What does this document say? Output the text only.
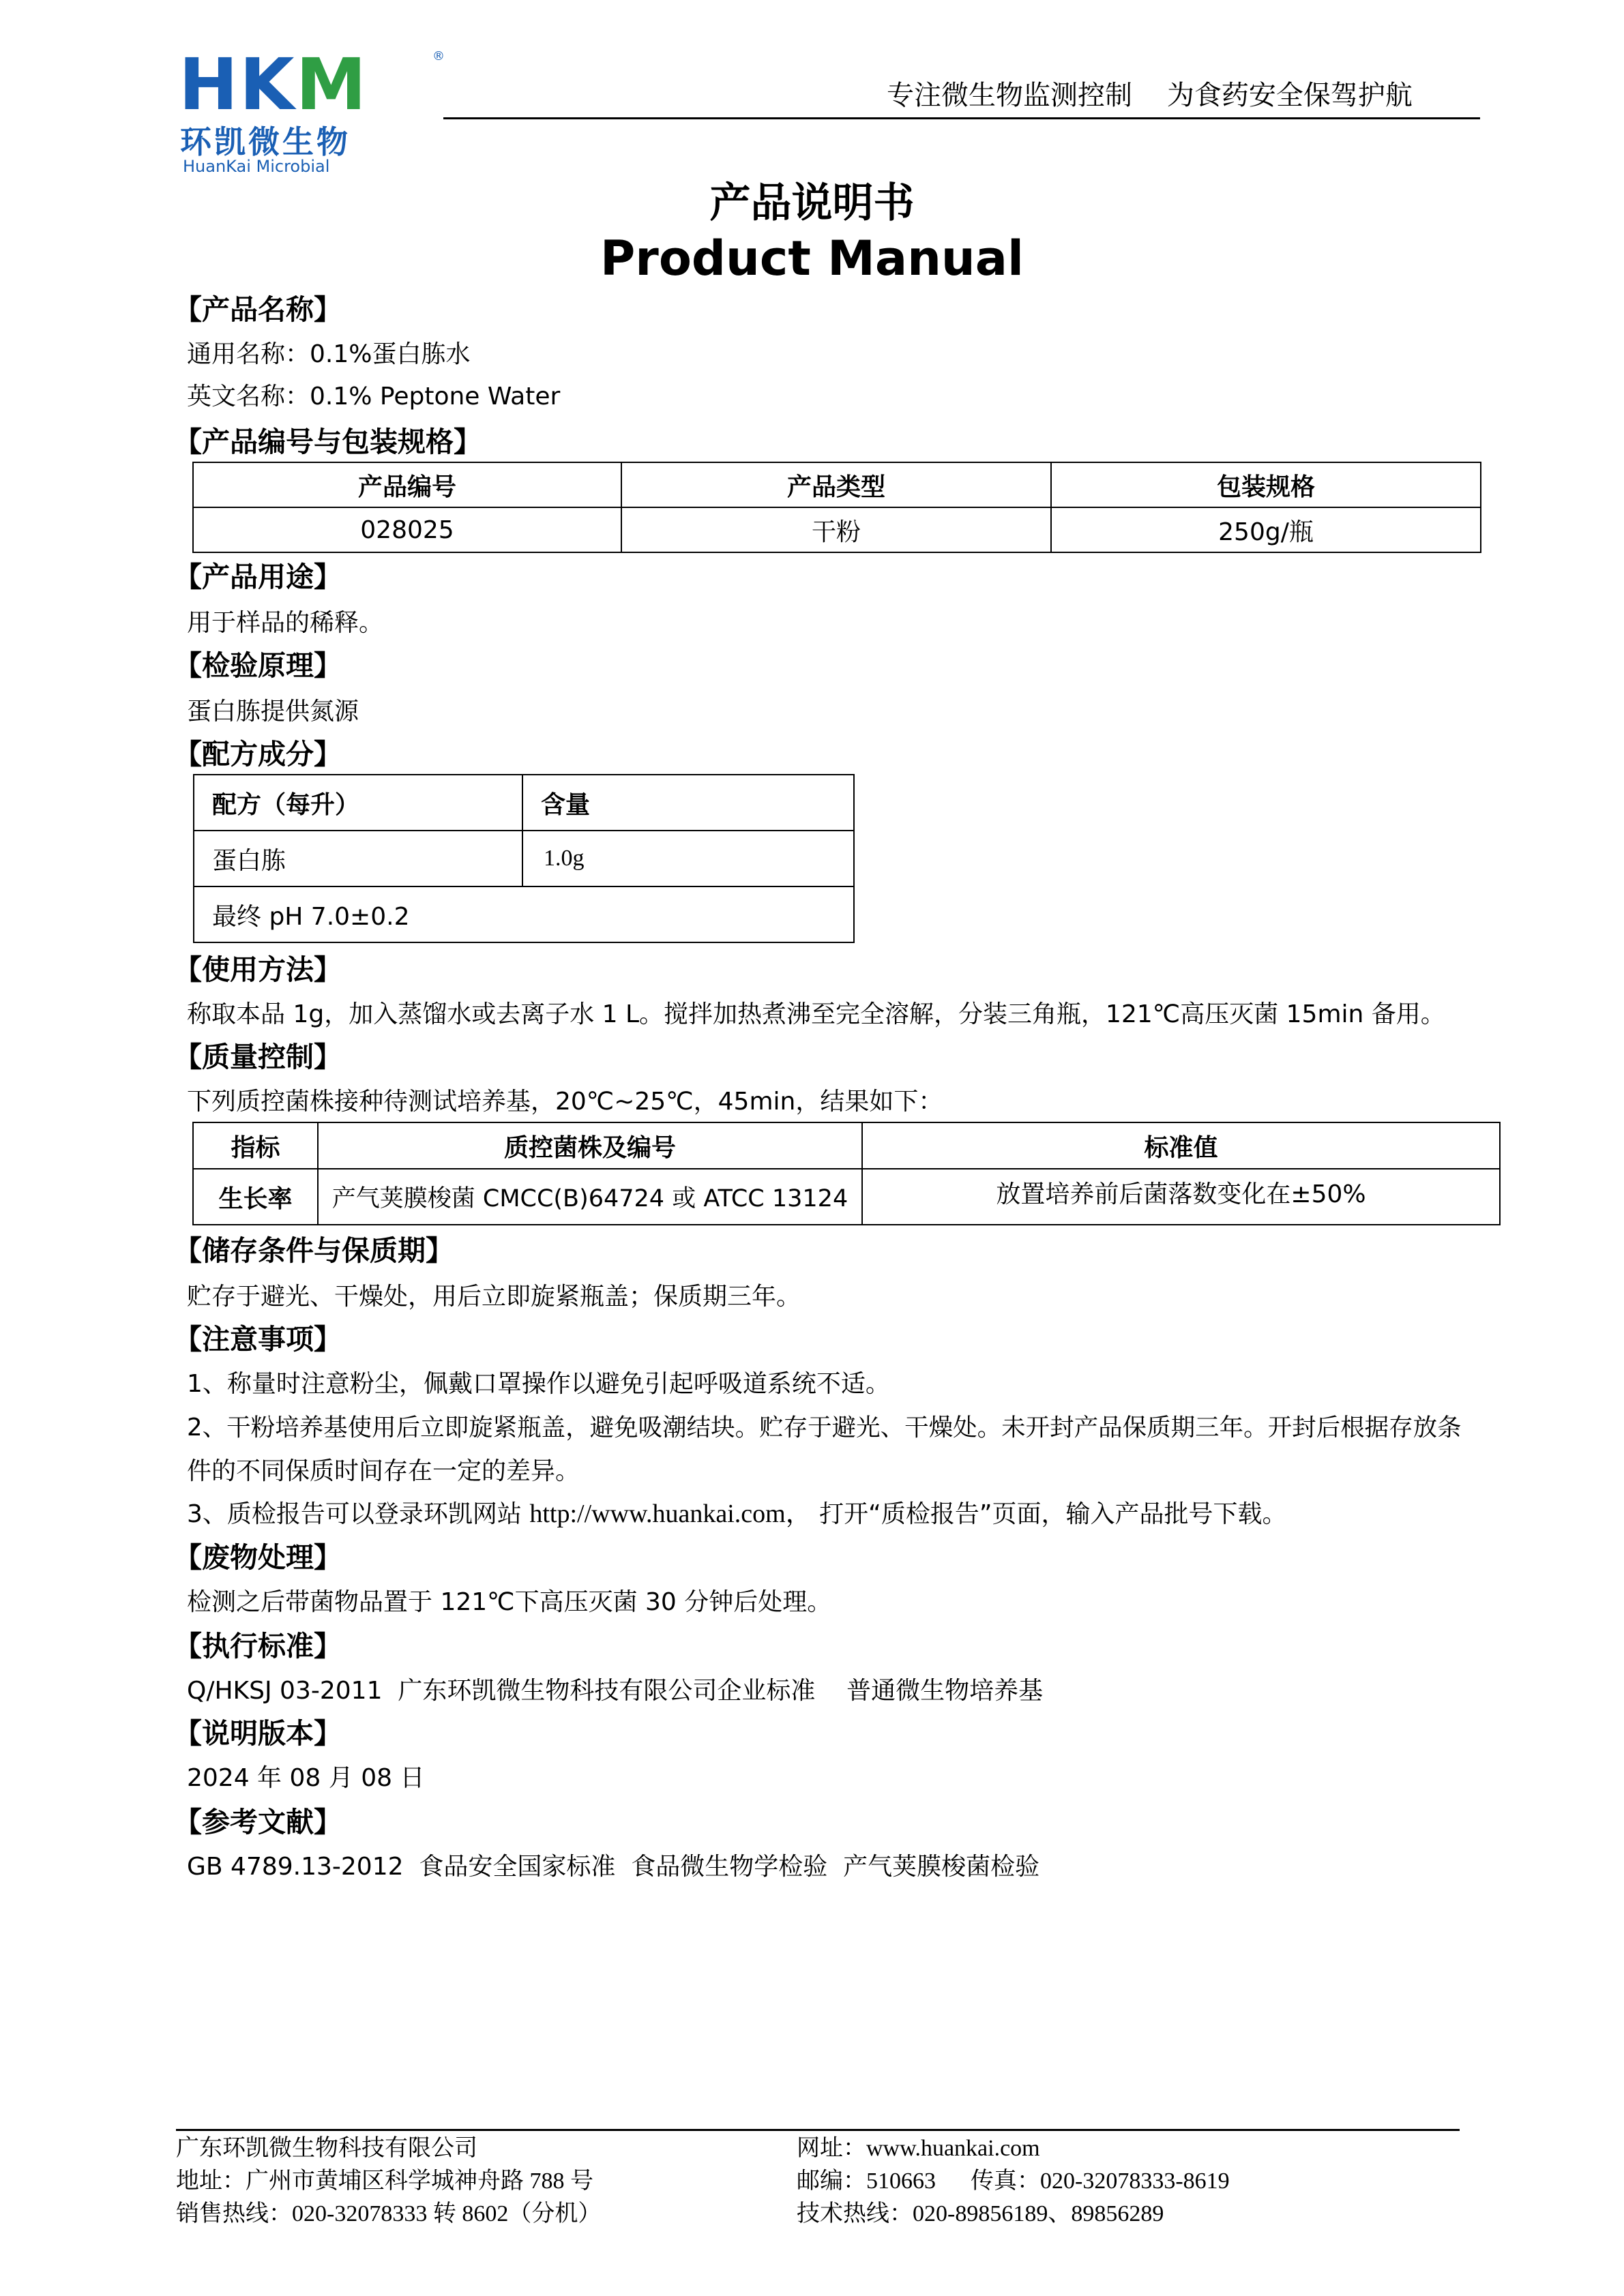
HKM	®
环凯微生物
HuanKai Microbial
专注微生物监测控制    为食药安全保驾护航
产品说明书
Product Manual
【产品名称】
通用名称：0.1%蛋白胨水
英文名称：0.1% Peptone Water
【产品编号与包装规格】
产品编号	产品类型	包装规格
028025	干粉	250g/瓶
【产品用途】
用于样品的稀释。
【检验原理】
蛋白胨提供氮源
【配方成分】
配方（每升）	含量
蛋白胨	1.0g
最终 pH 7.0±0.2	
【使用方法】
称取本品 1g，加入蒸馏水或去离子水 1 L。搅拌加热煮沸至完全溶解，分装三角瓶，121℃高压灭菌 15min 备用。
【质量控制】
下列质控菌株接种待测试培养基，20℃~25℃，45min，结果如下：
指标	质控菌株及编号	标准值
生长率	产气荚膜梭菌 CMCC(B)64724 或 ATCC 13124	放置培养前后菌落数变化在±50%
【储存条件与保质期】
贮存于避光、干燥处，用后立即旋紧瓶盖；保质期三年。
【注意事项】
1、称量时注意粉尘，佩戴口罩操作以避免引起呼吸道系统不适。
2、干粉培养基使用后立即旋紧瓶盖，避免吸潮结块。贮存于避光、干燥处。未开封产品保质期三年。开封后根据存放条
件的不同保质时间存在一定的差异。
3、质检报告可以登录环凯网站 http://www.huankai.com， 打开“质检报告”页面，输入产品批号下载。
【废物处理】
检测之后带菌物品置于 121℃下高压灭菌 30 分钟后处理。
【执行标准】
Q/HKSJ 03-2011  广东环凯微生物科技有限公司企业标准    普通微生物培养基
【说明版本】
2024 年 08 月 08 日
【参考文献】
GB 4789.13-2012  食品安全国家标准  食品微生物学检验  产气荚膜梭菌检验
广东环凯微生物科技有限公司	网址：www.huankai.com
地址：广州市黄埔区科学城神舟路 788 号	邮编：510663      传真：020-32078333-8619
销售热线：020-32078333 转 8602（分机）	技术热线：020-89856189、89856289
